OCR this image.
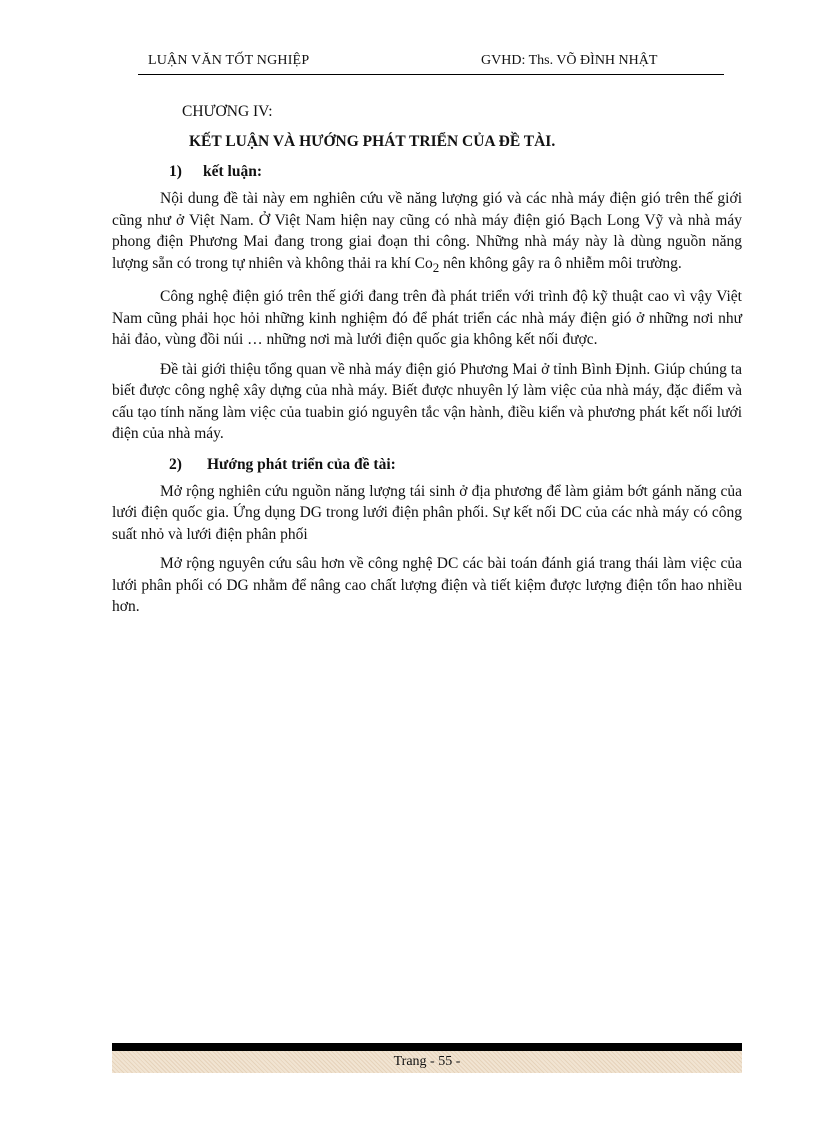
LUẬN VĂN TỐT NGHIỆP	GVHD: Ths. VÕ ĐÌNH NHẬT
CHƯƠNG IV:
KẾT LUẬN VÀ HƯỚNG PHÁT TRIỂN CỦA ĐỀ TÀI.
1) kết luận:

Nội dung đề tài này em nghiên cứu về năng lượng gió và các nhà máy điện gió trên thế giới cũng như ở Việt Nam. Ở Việt Nam hiện nay cũng có nhà máy điện gió Bạch Long Vỹ và nhà máy phong điện Phương Mai đang trong giai đoạn thi công. Những nhà máy này là dùng nguồn năng lượng sẵn có trong tự nhiên và không thải ra khí $Co_2$ nên không gây ra ô nhiễm môi trường.

Công nghệ điện gió trên thế giới đang trên đà phát triển với trình độ kỹ thuật cao vì vậy Việt Nam cũng phải học hỏi những kinh nghiệm đó để phát triển các nhà máy điện gió ở những nơi như hải đảo, vùng đồi núi … những nơi mà lưới điện quốc gia không kết nối được.

Đề tài giới thiệu tổng quan về nhà máy điện gió Phương Mai ở tỉnh Bình Định. Giúp chúng ta biết được công nghệ xây dựng của nhà máy. Biết được nhuyên lý làm việc của nhà máy, đặc điểm và cấu tạo tính năng làm việc của tuabin gió nguyên tắc vận hành, điều kiển và phương phát kết nối lưới điện của nhà máy.

2) Hướng phát triển của đề tài:

Mở rộng nghiên cứu nguồn năng lượng tái sinh ở địa phương để làm giảm bớt gánh năng của lưới điện quốc gia. Ứng dụng DG trong lưới điện phân phối. Sự kết nối DC của các nhà máy có công suất nhỏ và lưới điện phân phối

Mở rộng nguyên cứu sâu hơn về công nghệ DC các bài toán đánh giá trang thái làm việc của lưới phân phối có DG nhằm để nâng cao chất lượng điện và tiết kiệm được lượng điện tổn hao nhiều hơn.

Trang - 55 -
